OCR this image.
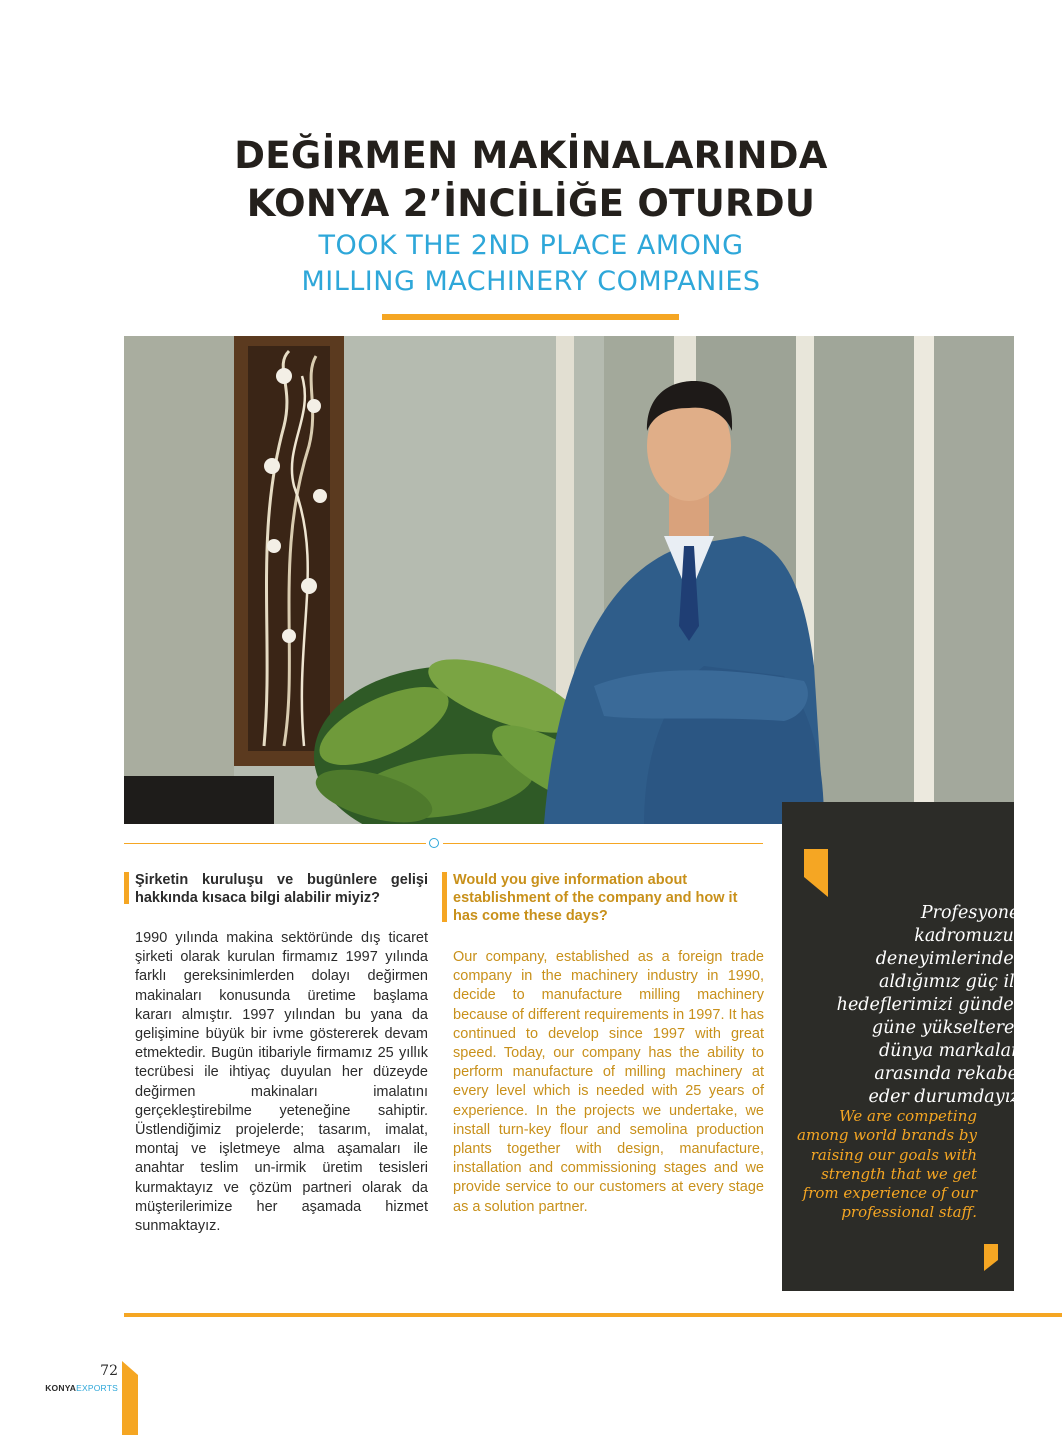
DEĞİRMEN MAKİNALARINDA
KONYA 2’İNCİLİĞE OTURDU
TOOK THE 2ND PLACE AMONG
MILLING MACHINERY COMPANIES
Şirketin kuruluşu ve bugünlere gelişi hakkında kısaca bilgi alabilir miyiz?
1990 yılında makina sektöründe dış ticaret şirketi olarak kurulan firmamız 1997 yılında farklı gereksinimlerden dolayı değirmen makinaları konusunda üretime başlama kararı almıştır. 1997 yılından bu yana da gelişimine büyük bir ivme göstererek devam etmektedir. Bugün itibariyle firmamız 25 yıllık tecrübesi ile ihtiyaç duyulan her düzeyde değirmen makinaları imalatını gerçekleştirebilme yeteneğine sahiptir. Üstlendiğimiz projelerde; tasarım, imalat, montaj ve işletmeye alma aşamaları ile anahtar teslim un-irmik üretim tesisleri kurmaktayız ve çözüm partneri olarak da müşterilerimize her aşamada hizmet sunmaktayız.
Would you give information about establishment of the company and how it has come these days?
Our company, established as a foreign trade company in the machinery industry in 1990, decide to manufacture milling machinery because of different requirements in 1997. It has continued to develop since 1997 with great speed. Today, our company has the ability to perform manufacture of milling machinery at every level which is needed with 25 years of experience. In the projects we undertake, we install turn-key flour and semolina production plants together with design, manufacture, installation and commissioning stages and we provide service to our customers at every stage as a solution partner.
Profesyonel kadromuzun deneyimlerinden aldığımız güç ile hedeflerimizi günden güne yükselterek dünya markaları arasında rekabet eder durumdayız.
We are competing among world brands by raising our goals with strength that we get from experience of our professional staff.
72
KONYAEXPORTS
